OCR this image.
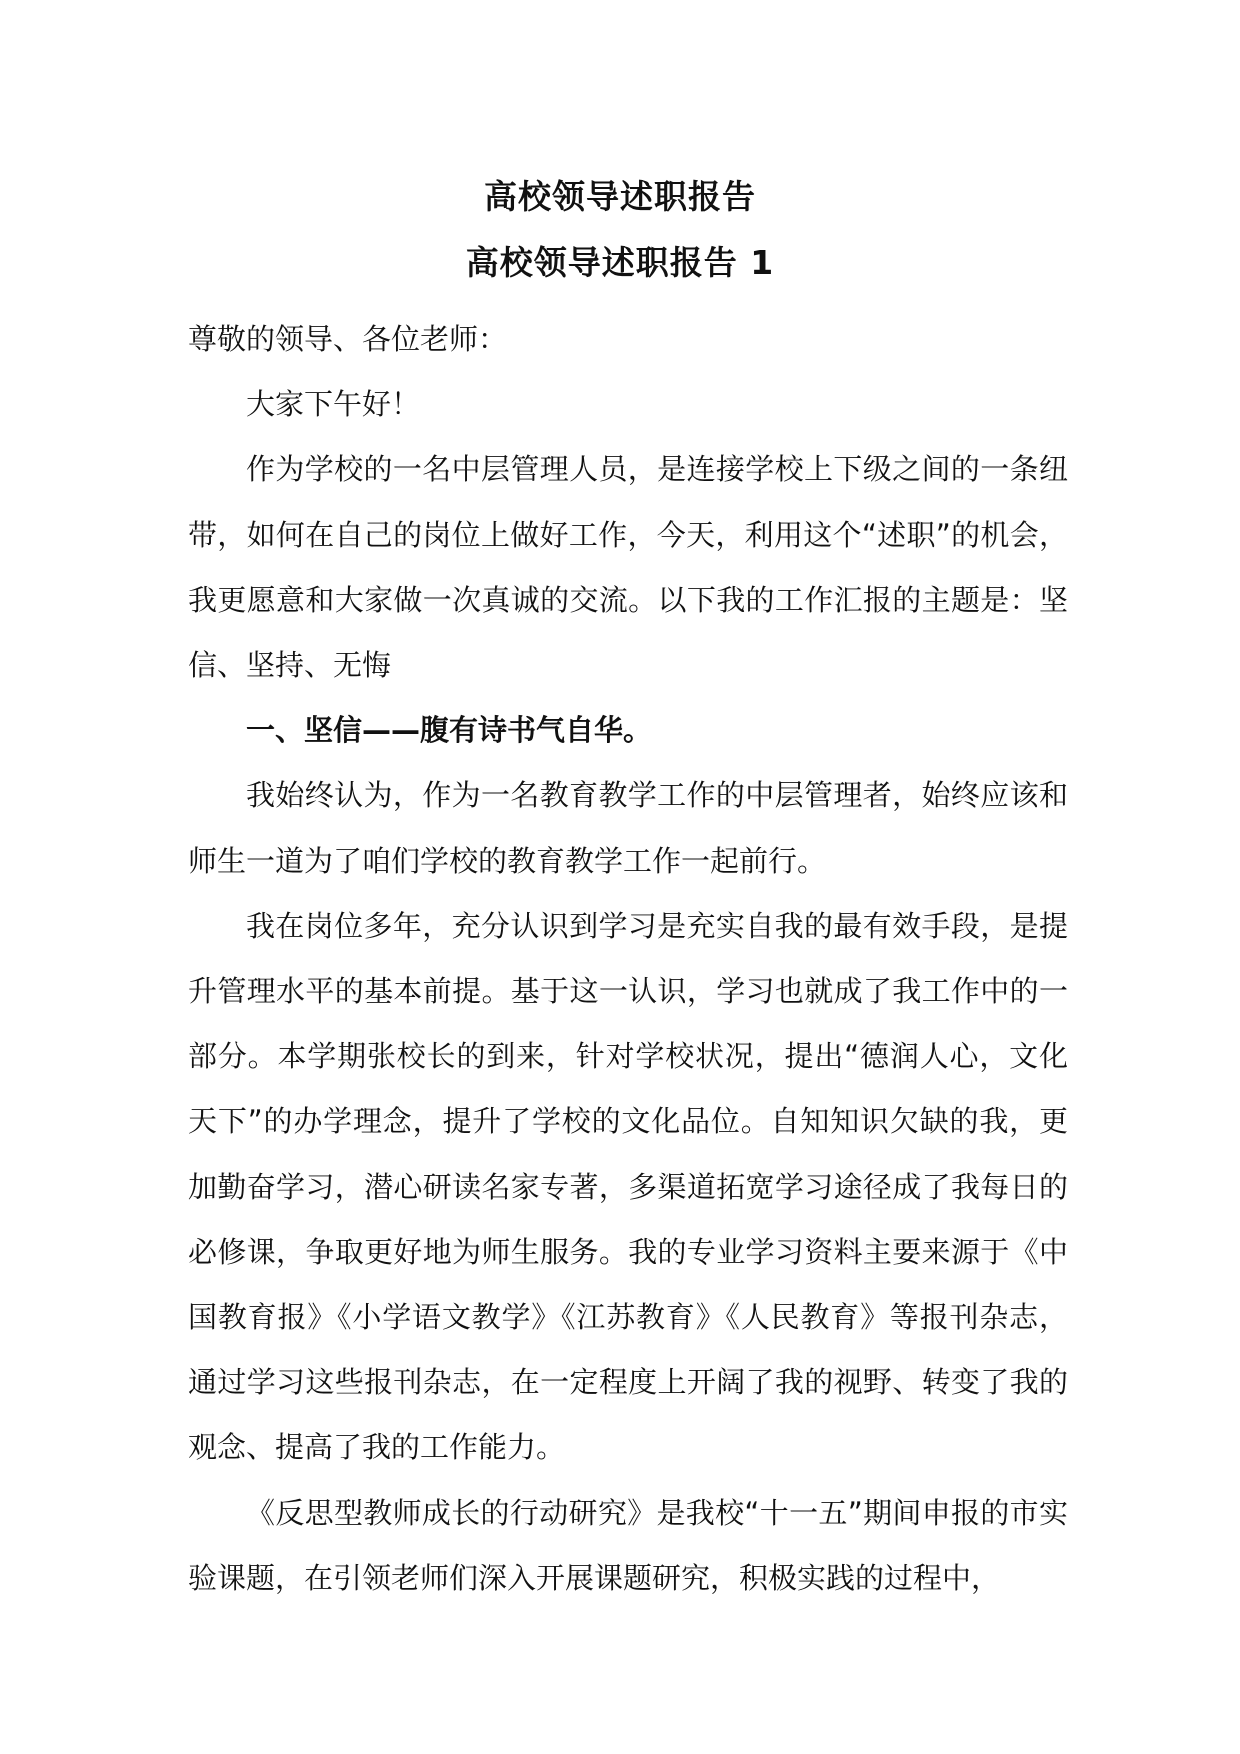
高校领导述职报告
高校领导述职报告 1

尊敬的领导、各位老师：

大家下午好！

作为学校的一名中层管理人员，是连接学校上下级之间的一条纽带，如何在自己的岗位上做好工作，今天，利用这个“述职”的机会，我更愿意和大家做一次真诚的交流。以下我的工作汇报的主题是：坚信、坚持、无悔

一、坚信——腹有诗书气自华。

我始终认为，作为一名教育教学工作的中层管理者，始终应该和师生一道为了咱们学校的教育教学工作一起前行。

我在岗位多年，充分认识到学习是充实自我的最有效手段，是提升管理水平的基本前提。基于这一认识，学习也就成了我工作中的一部分。本学期张校长的到来，针对学校状况，提出“德润人心，文化天下”的办学理念，提升了学校的文化品位。自知知识欠缺的我，更加勤奋学习，潜心研读名家专著，多渠道拓宽学习途径成了我每日的必修课，争取更好地为师生服务。我的专业学习资料主要来源于《中国教育报》《小学语文教学》《江苏教育》《人民教育》等报刊杂志，通过学习这些报刊杂志，在一定程度上开阔了我的视野、转变了我的观念、提高了我的工作能力。

《反思型教师成长的行动研究》是我校“十一五”期间申报的市实验课题，在引领老师们深入开展课题研究，积极实践的过程中，
